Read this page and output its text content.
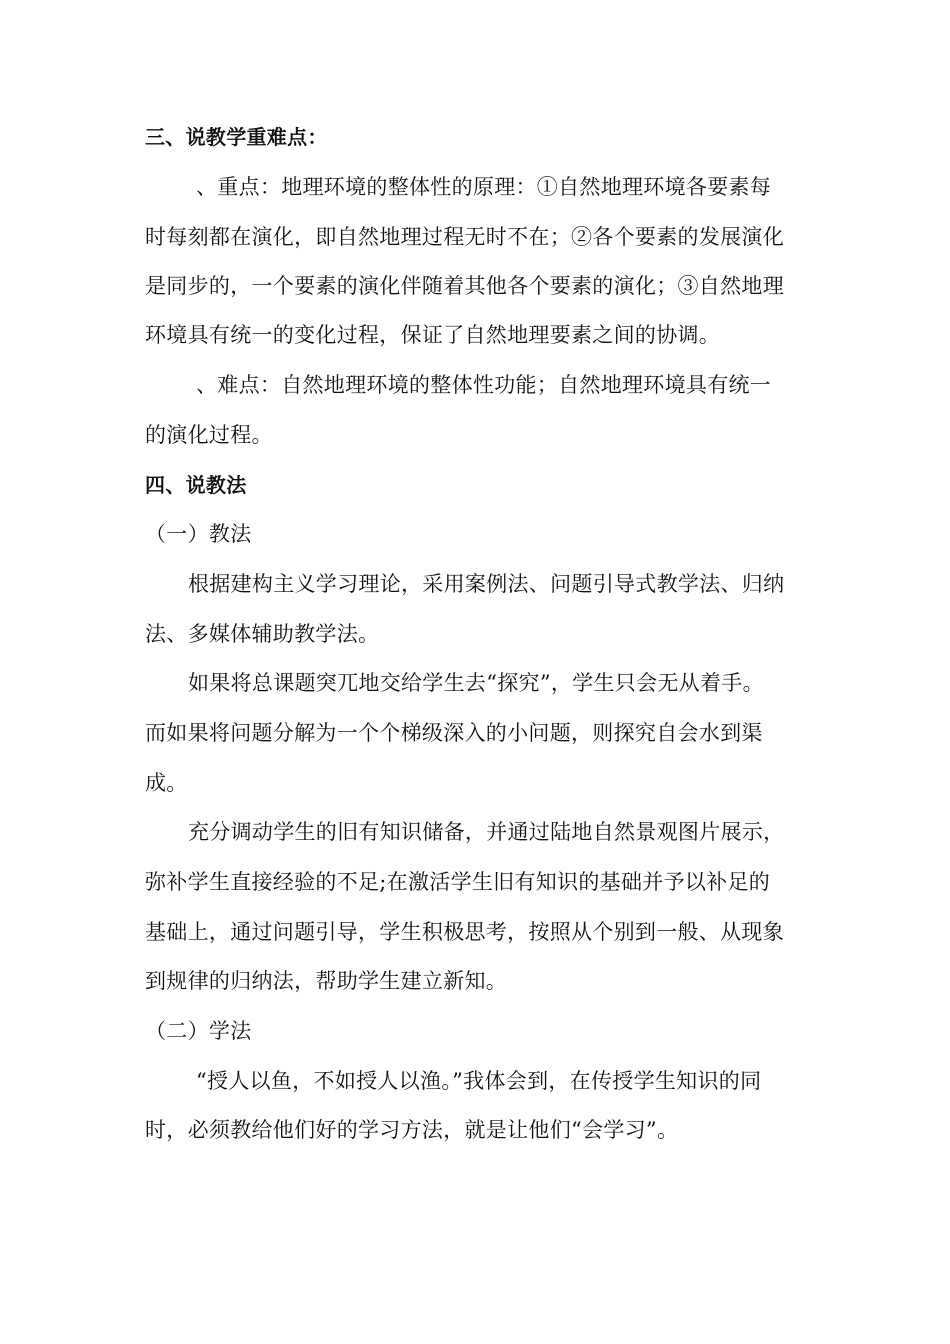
三、说教学重难点：
、重点：地理环境的整体性的原理：①自然地理环境各要素每
时每刻都在演化，即自然地理过程无时不在；②各个要素的发展演化
是同步的，一个要素的演化伴随着其他各个要素的演化；③自然地理
环境具有统一的变化过程，保证了自然地理要素之间的协调。
、难点：自然地理环境的整体性功能；自然地理环境具有统一
的演化过程。
四、说教法
（一）教法
根据建构主义学习理论，采用案例法、问题引导式教学法、归纳
法、多媒体辅助教学法。
如果将总课题突兀地交给学生去“探究”，学生只会无从着手。
而如果将问题分解为一个个梯级深入的小问题，则探究自会水到渠
成。
充分调动学生的旧有知识储备，并通过陆地自然景观图片展示，
弥补学生直接经验的不足;在激活学生旧有知识的基础并予以补足的
基础上，通过问题引导，学生积极思考，按照从个别到一般、从现象
到规律的归纳法，帮助学生建立新知。
（二）学法
“授人以鱼，不如授人以渔。”我体会到，在传授学生知识的同
时，必须教给他们好的学习方法，就是让他们“会学习”。
